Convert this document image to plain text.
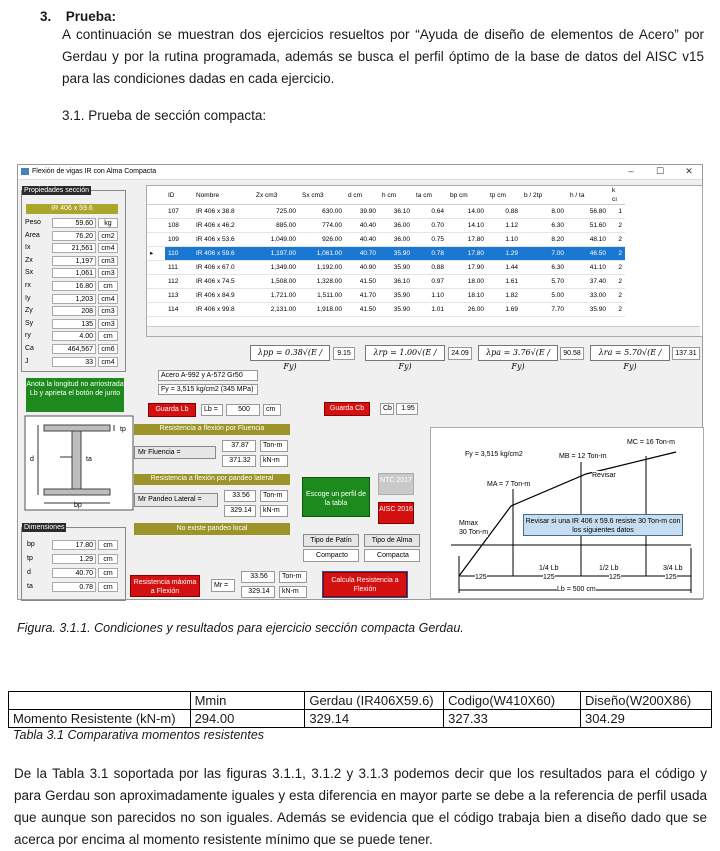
3. Prueba:
A continuación se muestran dos ejercicios resueltos por “Ayuda de diseño de elementos de Acero” por Gerdau y por la rutina programada, además se busca el perfil óptimo de la base de datos del AISC v15 para las condiciones dadas en cada ejercicio.
3.1. Prueba de sección compacta:
Flexión de vigas IR con Alma Compacta	–	☐	✕
Propiedades sección
IR 406 x 59.6
Peso	59.60	kg
Area	76.20	cm2
Ix	21,561	cm4
Zx	1,197	cm3
Sx	1,061	cm3
rx	16.80	cm
Iy	1,203	cm4
Zy	208	cm3
Sy	135	cm3
ry	4.00	cm
Ca	464,567	cm6
J	33	cm4
Anota la longitud no arriostrada Lb y aprieta el botón de junto
tp
d	ta
bp
Dimensiones
bp	17.80	cm
tp	1.29	cm
d	40.70	cm
ta	0.78	cm
	ID	Nombre	Zx cm3	Sx cm3	d cm	h cm	ta cm	bp cm	tp cm	b / 2tp	h / ta	k cı
	107	IR 406 x 38.8	725.00	630.00	39.90	36.10	0.64	14.00	0.88	8.00	56.80	1
	108	IR 406 x 46.2	885.00	774.00	40.40	36.00	0.70	14.10	1.12	6.30	51.60	2
	109	IR 406 x 53.6	1,049.00	926.00	40.40	36.00	0.75	17.80	1.10	8.20	48.10	2
▸	110	IR 406 x 59.6	1,197.00	1,061.00	40.70	35.90	0.78	17.80	1.29	7.00	46.50	2
	111	IR 406 x 67.0	1,349.00	1,192.00	40.90	35.90	0.88	17.90	1.44	6.30	41.10	2
	112	IR 406 x 74.5	1,508.00	1,328.00	41.50	36.10	0.97	18.00	1.61	5.70	37.40	2
	113	IR 406 x 84.9	1,721.00	1,511.00	41.70	35.90	1.10	18.10	1.82	5.00	33.00	2
	114	IR 406 x 99.8	2,131.00	1,918.00	41.50	35.90	1.01	26.00	1.69	7.70	35.90	2
λpp = 0.38√(E / Fy)
9.15	λrp = 1.00√(E / Fy)
24.09	λpa = 3.76√(E / Fy)
90.58	λra = 5.70√(E / Fy)
137.31
Acero A-992 y A-572 Gr50
Fy = 3,515 kg/cm2 (345 MPa)
Guarda Lb	Lb =	500	cm	Guarda Cb	Cb	1.95
Resistencia a flexión por Fluencia
Mr Fluencia =
37.87	Ton-m
371.32	kN-m
Resistencia a flexión por pandeo lateral
Mr Pandeo Lateral =
33.56	Ton-m
329.14	kN-m
No existe pandeo local
Escoge un perfil de la tabla
NTC 2017
AISC 2016
Tipo de Patín
Compacto
Tipo de Alma
Compacta
Resistencia máxima a Flexión
Mr =
33.56	Ton-m
329.14	kN-m
Calcula Resistencia a Flexión
Fy = 3,515 kg/cm2	MB = 12 Ton-m
MC = 16 Ton-m
MA = 7 Ton-m
Revisar
Mmax
30 Ton-m
Revisar si una IR 406 x 59.6 resiste 30 Ton-m con los siguientes datos
1/4 Lb	1/2 Lb	3/4 Lb
125	125	125	125
Lb = 500 cm
Figura. 3.1.1. Condiciones y resultados para ejercicio sección compacta Gerdau.
	Mmin	Gerdau (IR406X59.6)	Codigo(W410X60)	Diseño(W200X86)
Momento Resistente (kN-m)	294.00	329.14	327.33	304.29
Tabla 3.1 Comparativa momentos resistentes
De la Tabla 3.1 soportada por las figuras 3.1.1, 3.1.2 y 3.1.3 podemos decir que los resultados para el código y para Gerdau son aproximadamente iguales y esta diferencia en mayor parte se debe a la referencia de perfil usada que aunque son parecidos no son iguales. Además se evidencia que el código trabaja bien a diseño dado que se acerca por encima al momento resistente mínimo que se puede tener.
